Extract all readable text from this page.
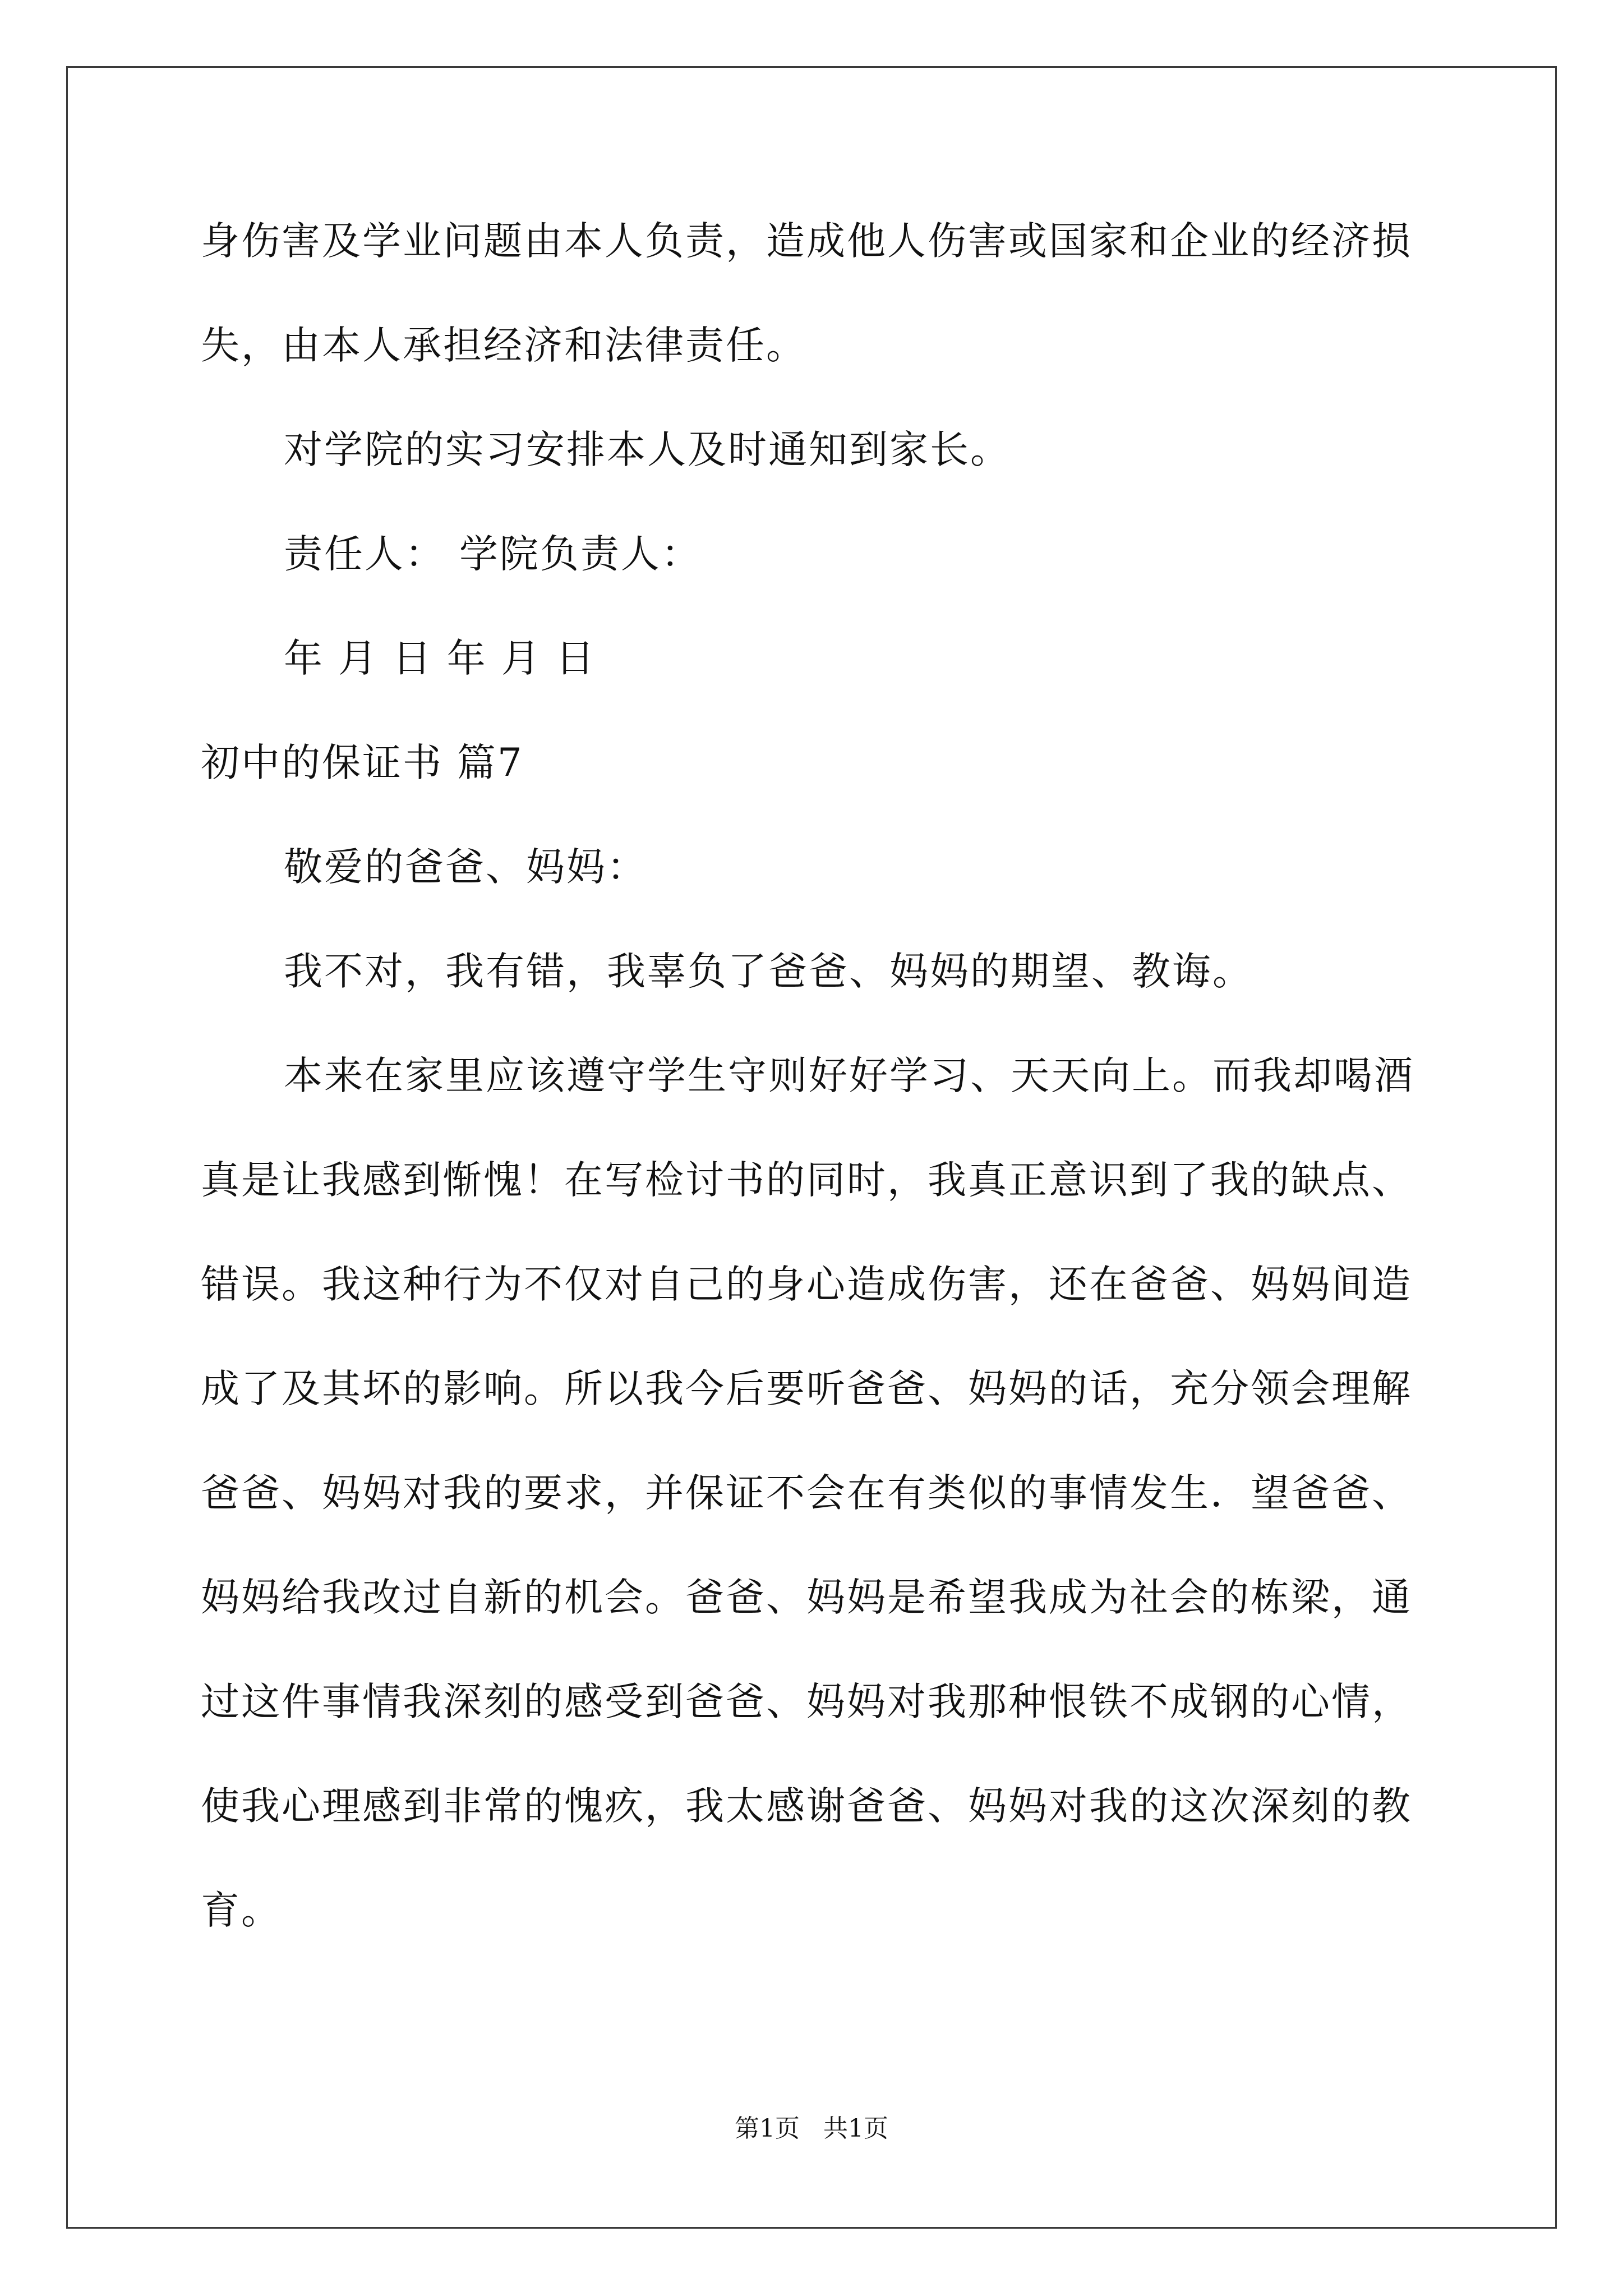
身伤害及学业问题由本人负责，造成他人伤害或国家和企业的经济损
失，由本人承担经济和法律责任。
对学院的实习安排本人及时通知到家长。
责任人： 学院负责人：
年 月 日 年 月 日
初中的保证书 篇7
敬爱的爸爸、妈妈：
我不对，我有错，我辜负了爸爸、妈妈的期望、教诲。
本来在家里应该遵守学生守则好好学习、天天向上。而我却喝酒
真是让我感到惭愧！在写检讨书的同时，我真正意识到了我的缺点、
错误。我这种行为不仅对自己的身心造成伤害，还在爸爸、妈妈间造
成了及其坏的影响。所以我今后要听爸爸、妈妈的话，充分领会理解
爸爸、妈妈对我的要求，并保证不会在有类似的事情发生．望爸爸、
妈妈给我改过自新的机会。爸爸、妈妈是希望我成为社会的栋梁，通
过这件事情我深刻的感受到爸爸、妈妈对我那种恨铁不成钢的心情，
使我心理感到非常的愧疚，我太感谢爸爸、妈妈对我的这次深刻的教
育。
第1页   共1页
